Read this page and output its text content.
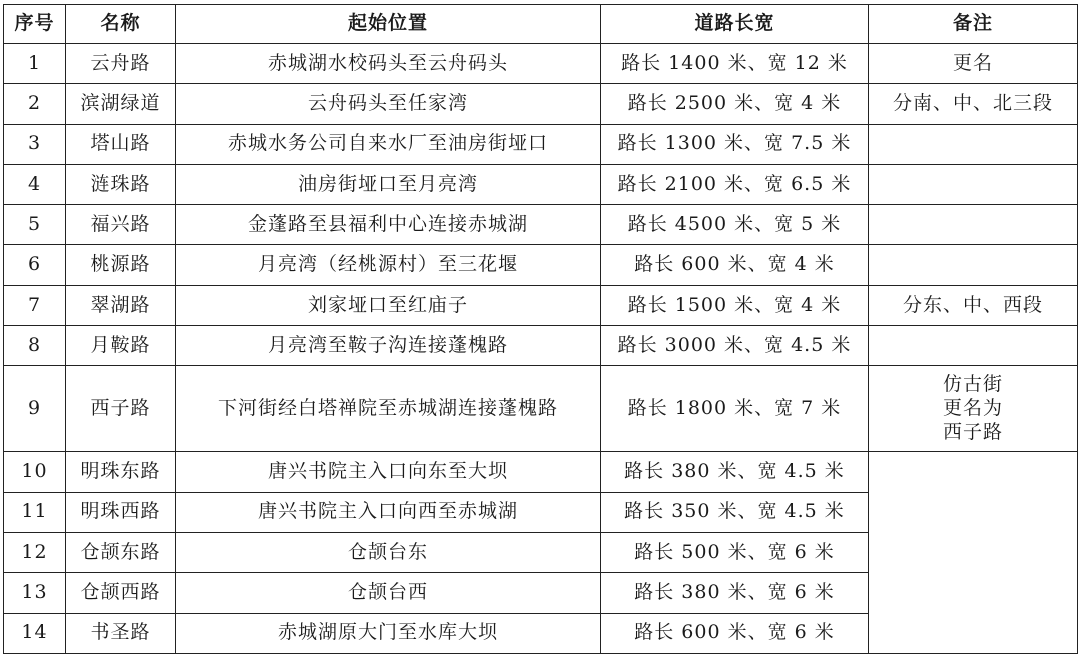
序号	名称	起始位置	道路长宽	备注
1	云舟路	赤城湖水校码头至云舟码头	路长 1400 米、宽 12 米	更名
2	滨湖绿道	云舟码头至任家湾	路长 2500 米、宽 4 米	分南、中、北三段
3	塔山路	赤城水务公司自来水厂至油房街垭口	路长 1300 米、宽 7.5 米	
4	涟珠路	油房街垭口至月亮湾	路长 2100 米、宽 6.5 米	
5	福兴路	金蓬路至县福利中心连接赤城湖	路长 4500 米、宽 5 米	
6	桃源路	月亮湾（经桃源村）至三花堰	路长 600 米、宽 4 米	
7	翠湖路	刘家垭口至红庙子	路长 1500 米、宽 4 米	分东、中、西段
8	月鞍路	月亮湾至鞍子沟连接蓬槐路	路长 3000 米、宽 4.5 米	
9	西子路	下河街经白塔禅院至赤城湖连接蓬槐路	路长 1800 米、宽 7 米	仿古街
更名为
西子路

10	明珠东路	唐兴书院主入口向东至大坝	路长 380 米、宽 4.5 米	
11	明珠西路	唐兴书院主入口向西至赤城湖	路长 350 米、宽 4.5 米	
12	仓颉东路	仓颉台东	路长 500 米、宽 6 米	
13	仓颉西路	仓颉台西	路长 380 米、宽 6 米	
14	书圣路	赤城湖原大门至水库大坝	路长 600 米、宽 6 米	
